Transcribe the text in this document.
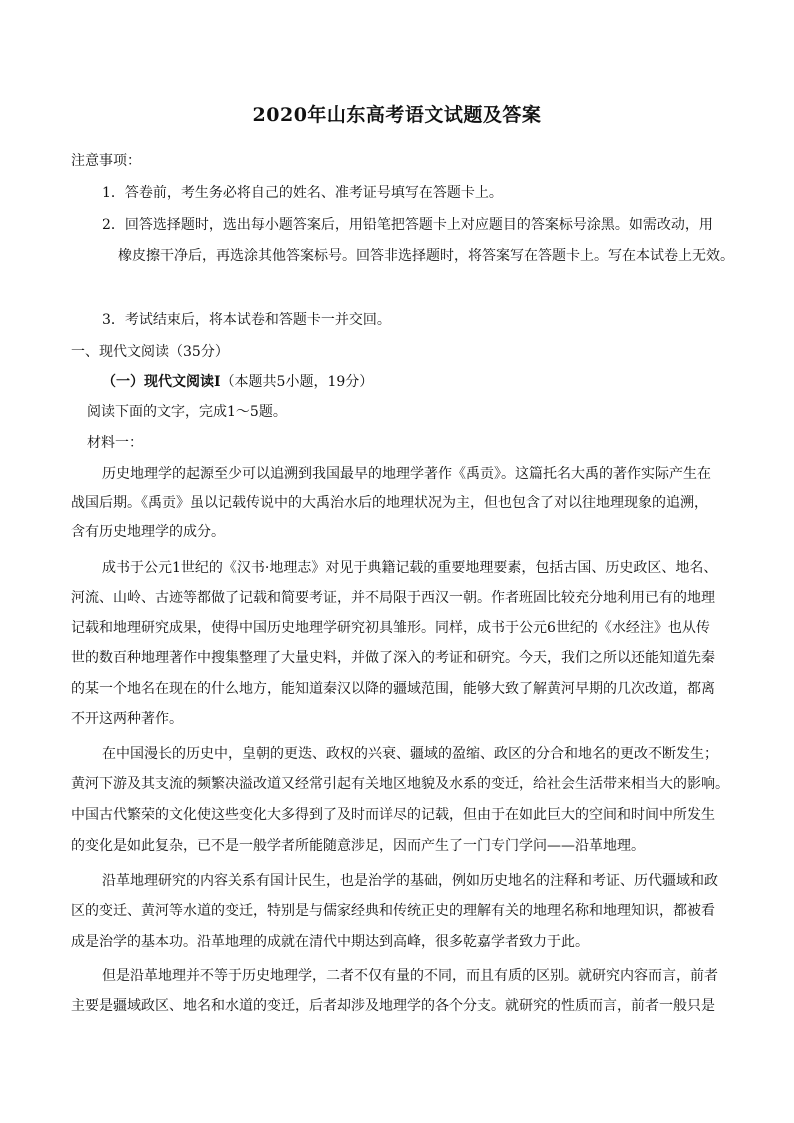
2020年山东高考语文试题及答案
注意事项：
1．答卷前，考生务必将自己的姓名、准考证号填写在答题卡上。
2．回答选择题时，选出每小题答案后，用铅笔把答题卡上对应题目的答案标号涂黑。如需改动，用
橡皮擦干净后，再选涂其他答案标号。回答非选择题时，将答案写在答题卡上。写在本试卷上无效。
3．考试结束后，将本试卷和答题卡一并交回。
一、现代文阅读（35分）
（一）现代文阅读Ⅰ（本题共5小题，19分）
阅读下面的文字，完成1～5题。
材料一：
历史地理学的起源至少可以追溯到我国最早的地理学著作《禹贡》。这篇托名大禹的著作实际产生在
战国后期。《禹贡》虽以记载传说中的大禹治水后的地理状况为主，但也包含了对以往地理现象的追溯，
含有历史地理学的成分。
成书于公元1世纪的《汉书·地理志》对见于典籍记载的重要地理要素，包括古国、历史政区、地名、
河流、山岭、古迹等都做了记载和简要考证，并不局限于西汉一朝。作者班固比较充分地利用已有的地理
记载和地理研究成果，使得中国历史地理学研究初具雏形。同样，成书于公元6世纪的《水经注》也从传
世的数百种地理著作中搜集整理了大量史料，并做了深入的考证和研究。今天，我们之所以还能知道先秦
的某一个地名在现在的什么地方，能知道秦汉以降的疆域范围，能够大致了解黄河早期的几次改道，都离
不开这两种著作。
在中国漫长的历史中，皇朝的更迭、政权的兴衰、疆域的盈缩、政区的分合和地名的更改不断发生；
黄河下游及其支流的频繁决溢改道又经常引起有关地区地貌及水系的变迁，给社会生活带来相当大的影响。
中国古代繁荣的文化使这些变化大多得到了及时而详尽的记载，但由于在如此巨大的空间和时间中所发生
的变化是如此复杂，已不是一般学者所能随意涉足，因而产生了一门专门学问——沿革地理。
沿革地理研究的内容关系有国计民生，也是治学的基础，例如历史地名的注释和考证、历代疆域和政
区的变迁、黄河等水道的变迁，特别是与儒家经典和传统正史的理解有关的地理名称和地理知识，都被看
成是治学的基本功。沿革地理的成就在清代中期达到高峰，很多乾嘉学者致力于此。
但是沿革地理并不等于历史地理学，二者不仅有量的不同，而且有质的区别。就研究内容而言，前者
主要是疆域政区、地名和水道的变迁，后者却涉及地理学的各个分支。就研究的性质而言，前者一般只是
